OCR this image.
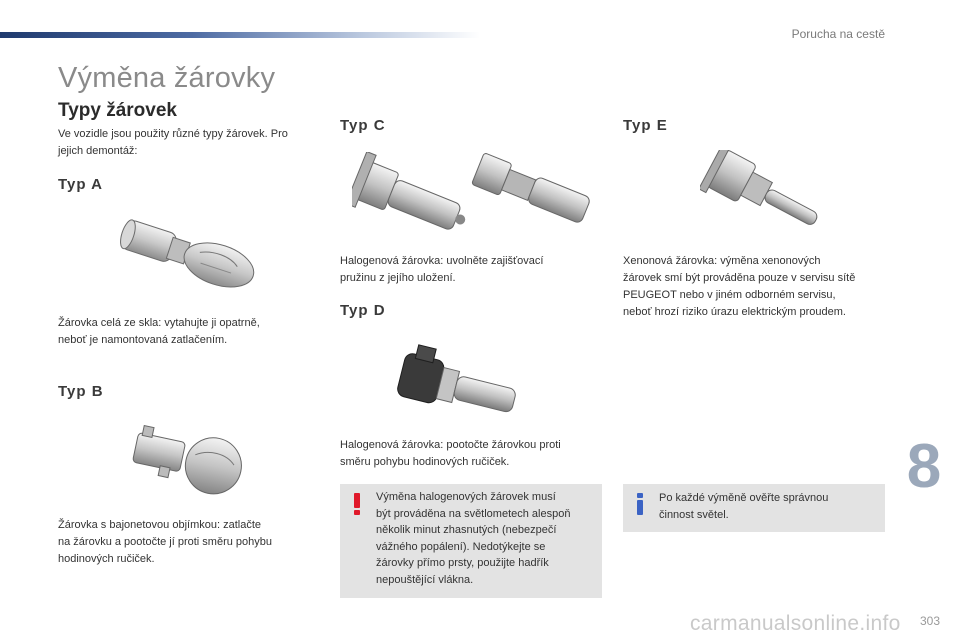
Porucha na cestě
Výměna žárovky
Typy žárovek
Ve vozidle jsou použity různé typy žárovek. Pro
jejich demontáž:
Typ A
Žárovka celá ze skla: vytahujte ji opatrně,
neboť je namontovaná zatlačením.
Typ B
Žárovka s bajonetovou objímkou: zatlačte
na žárovku a pootočte jí proti směru pohybu
hodinových ručiček.
Typ C
Halogenová žárovka: uvolněte zajišťovací
pružinu z jejího uložení.
Typ D
Halogenová žárovka: pootočte žárovkou proti
směru pohybu hodinových ručiček.
Výměna halogenových žárovek musí
být prováděna na světlometech alespoň
několik minut zhasnutých (nebezpečí
vážného popálení). Nedotýkejte se
žárovky přímo prsty, použijte hadřík
nepouštějící vlákna.
Typ E
Xenonová žárovka: výměna xenonových
žárovek smí být prováděna pouze v servisu sítě
PEUGEOT nebo v jiném odborném servisu,
neboť hrozí riziko úrazu elektrickým proudem.
Po každé výměně ověřte správnou
činnost světel.
8
carmanualsonline.info 303
